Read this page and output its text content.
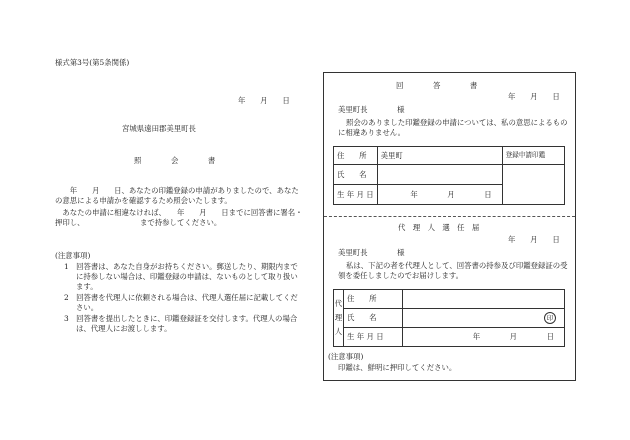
様式第3号(第5条関係)
年　　月　　日
宮城県遠田郡美里町長
照　　　　会　　　　書
　　年　　月　　日、あなたの印鑑登録の申請がありましたので、あなたの意思による申請かを確認するため照会いたします。
　あなたの申請に相違なければ、　　年　　月　　日までに回答書に署名・押印し、　　　　　　　　まで持参してください。
(注意事項)
1　回答書は、あなた自身がお持ちください。郵送したり、期限内までに持参しない場合は、印鑑登録の申請は、ないものとして取り扱います。
2　回答書を代理人に依頼される場合は、代理人選任届に記載してください。
3　回答書を提出したときに、印鑑登録証を交付します。代理人の場合は、代理人にお渡しします。
回　　　　答　　　　書
年　　月　　日
美里町長　　　　様
照会のありました印鑑登録の申請については、私の意思によるものに相違ありません。
住　　所	美里町	登録申請印鑑
氏　　名		
生 年 月 日	年　　　　月　　　　日	
代　理　人　選　任　届
年　　月　　日
美里町長　　　　様
私は、下記の者を代理人として、回答書の持参及び印鑑登録証の受領を委任しましたのでお届けします。
代
理
人	住　　所	
	氏　　名	印
	生 年 月 日	年　　　　月　　　　日
(注意事項)
印鑑は、鮮明に押印してください。
